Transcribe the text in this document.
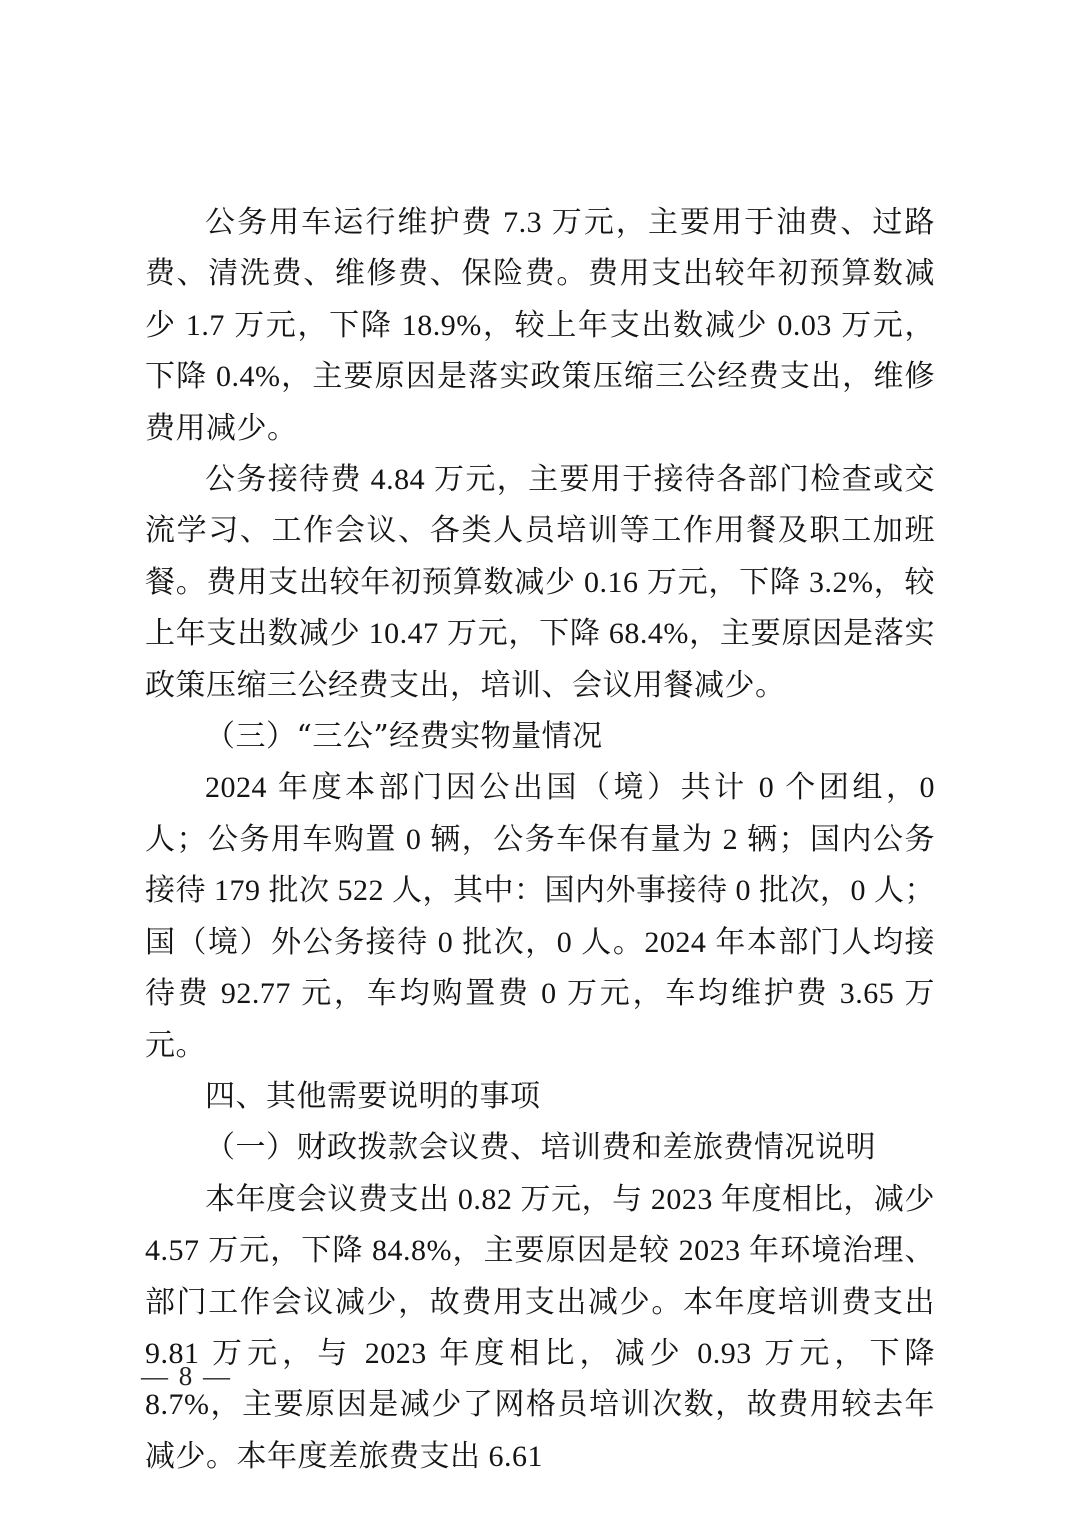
公务用车运行维护费 7.3 万元，主要用于油费、过路费、清洗费、维修费、保险费。费用支出较年初预算数减少 1.7 万元，下降 18.9%，较上年支出数减少 0.03 万元，下降 0.4%，主要原因是落实政策压缩三公经费支出，维修费用减少。

公务接待费 4.84 万元，主要用于接待各部门检查或交流学习、工作会议、各类人员培训等工作用餐及职工加班餐。费用支出较年初预算数减少 0.16 万元，下降 3.2%，较上年支出数减少 10.47 万元，下降 68.4%，主要原因是落实政策压缩三公经费支出，培训、会议用餐减少。

（三）“三公”经费实物量情况

2024 年度本部门因公出国（境）共计 0 个团组，0 人；公务用车购置 0 辆，公务车保有量为 2 辆；国内公务接待 179 批次 522 人，其中：国内外事接待 0 批次，0 人；国（境）外公务接待 0 批次，0 人。2024 年本部门人均接待费 92.77 元，车均购置费 0 万元，车均维护费 3.65 万元。

四、其他需要说明的事项

（一）财政拨款会议费、培训费和差旅费情况说明

本年度会议费支出 0.82 万元，与 2023 年度相比，减少 4.57 万元，下降 84.8%，主要原因是较 2023 年环境治理、部门工作会议减少，故费用支出减少。本年度培训费支出 9.81 万元，与 2023 年度相比，减少 0.93 万元，下降 8.7%，主要原因是减少了网格员培训次数，故费用较去年减少。本年度差旅费支出 6.61

— 8 —
